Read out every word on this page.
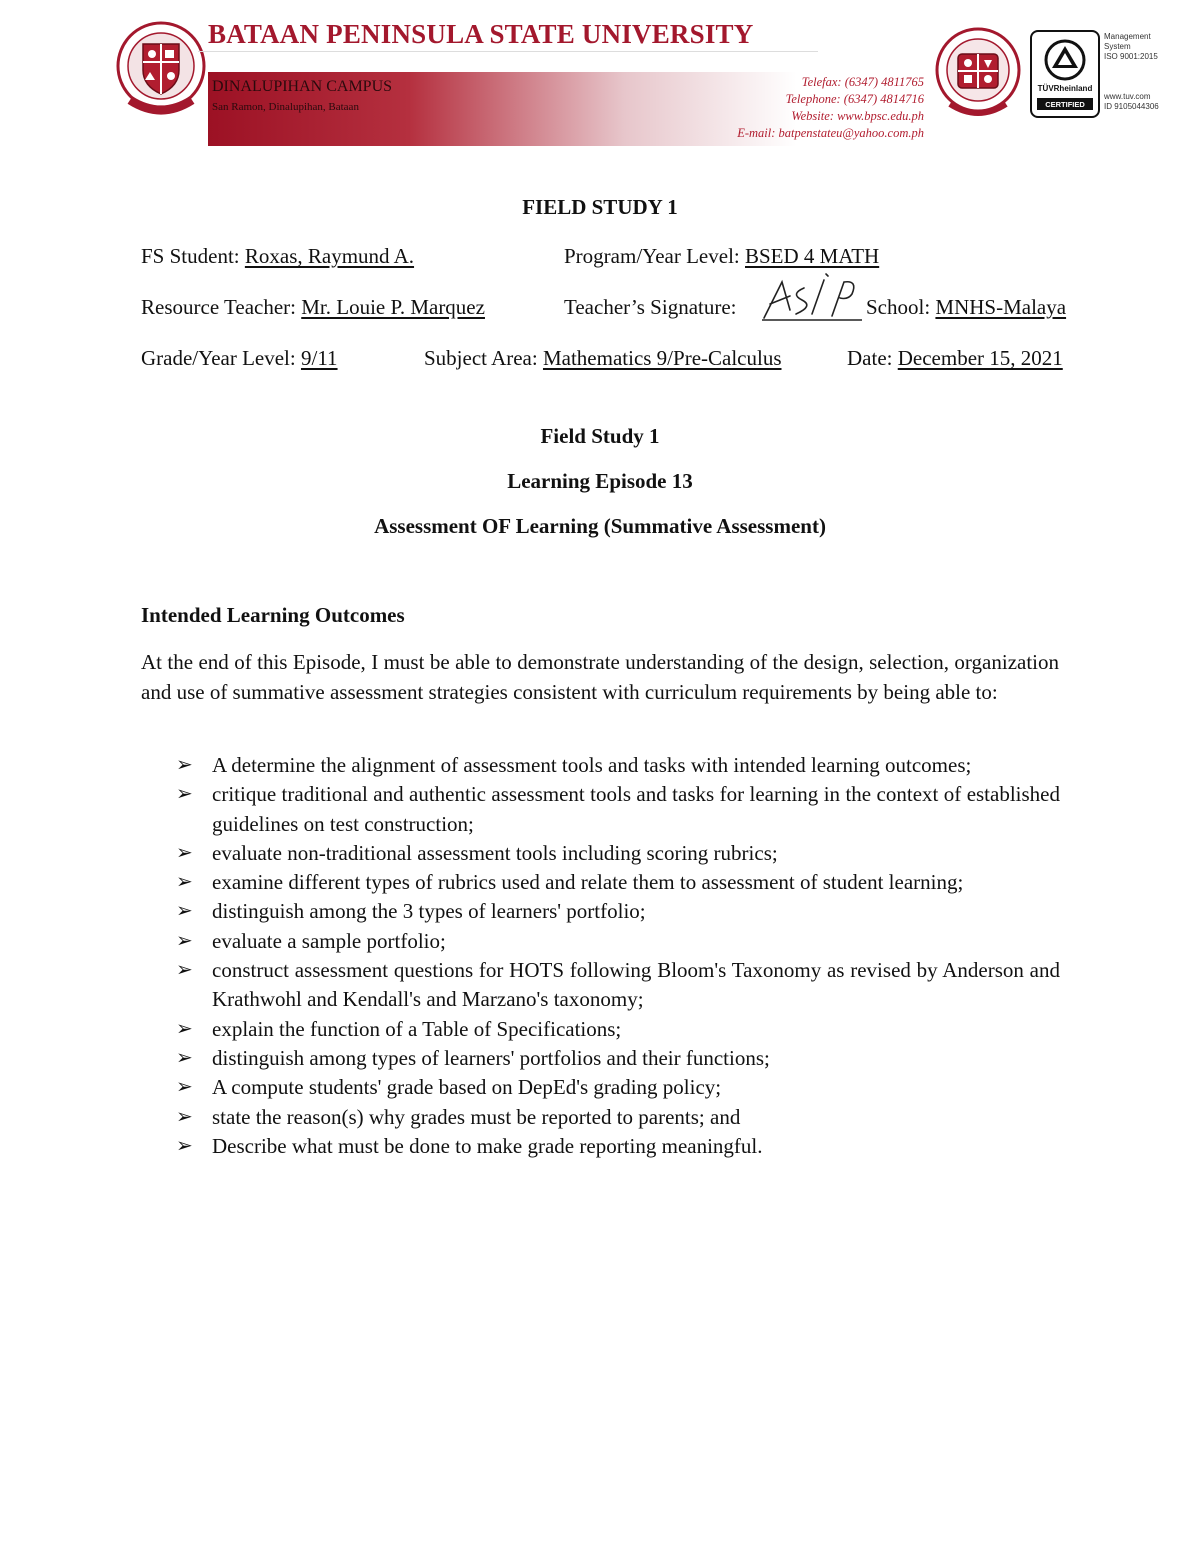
BATAAN PENINSULA STATE UNIVERSITY
DINALUPIHAN CAMPUS
San Ramon, Dinalupihan, Bataan
Telefax: (6347) 4811765
Telephone: (6347) 4814716
Website: www.bpsc.edu.ph
E-mail: batpenstateu@yahoo.com.ph
TÜVRheinland
CERTIFIED
Management
System
ISO 9001:2015
www.tuv.com
ID 9105044306
FIELD STUDY 1
FS Student: Roxas, Raymund A.	Program/Year Level: BSED 4 MATH
Resource Teacher: Mr. Louie P. Marquez	Teacher’s Signature:	School: MNHS-Malaya
Grade/Year Level: 9/11	Subject Area: Mathematics 9/Pre-Calculus	Date: December 15, 2021
Field Study 1
Learning Episode 13
Assessment OF Learning (Summative Assessment)
Intended Learning Outcomes
At the end of this Episode, I must be able to demonstrate understanding of the design, selection, organization and use of summative assessment strategies consistent with curriculum requirements by being able to:
➢ A determine the alignment of assessment tools and tasks with intended learning outcomes;
➢ critique traditional and authentic assessment tools and tasks for learning in the context of established guidelines on test construction;
➢ evaluate non-traditional assessment tools including scoring rubrics;
➢ examine different types of rubrics used and relate them to assessment of student learning;
➢ distinguish among the 3 types of learners' portfolio;
➢ evaluate a sample portfolio;
➢ construct assessment questions for HOTS following Bloom's Taxonomy as revised by Anderson and Krathwohl and Kendall's and Marzano's taxonomy;
➢ explain the function of a Table of Specifications;
➢ distinguish among types of learners' portfolios and their functions;
➢ A compute students' grade based on DepEd's grading policy;
➢ state the reason(s) why grades must be reported to parents; and
➢ Describe what must be done to make grade reporting meaningful.
